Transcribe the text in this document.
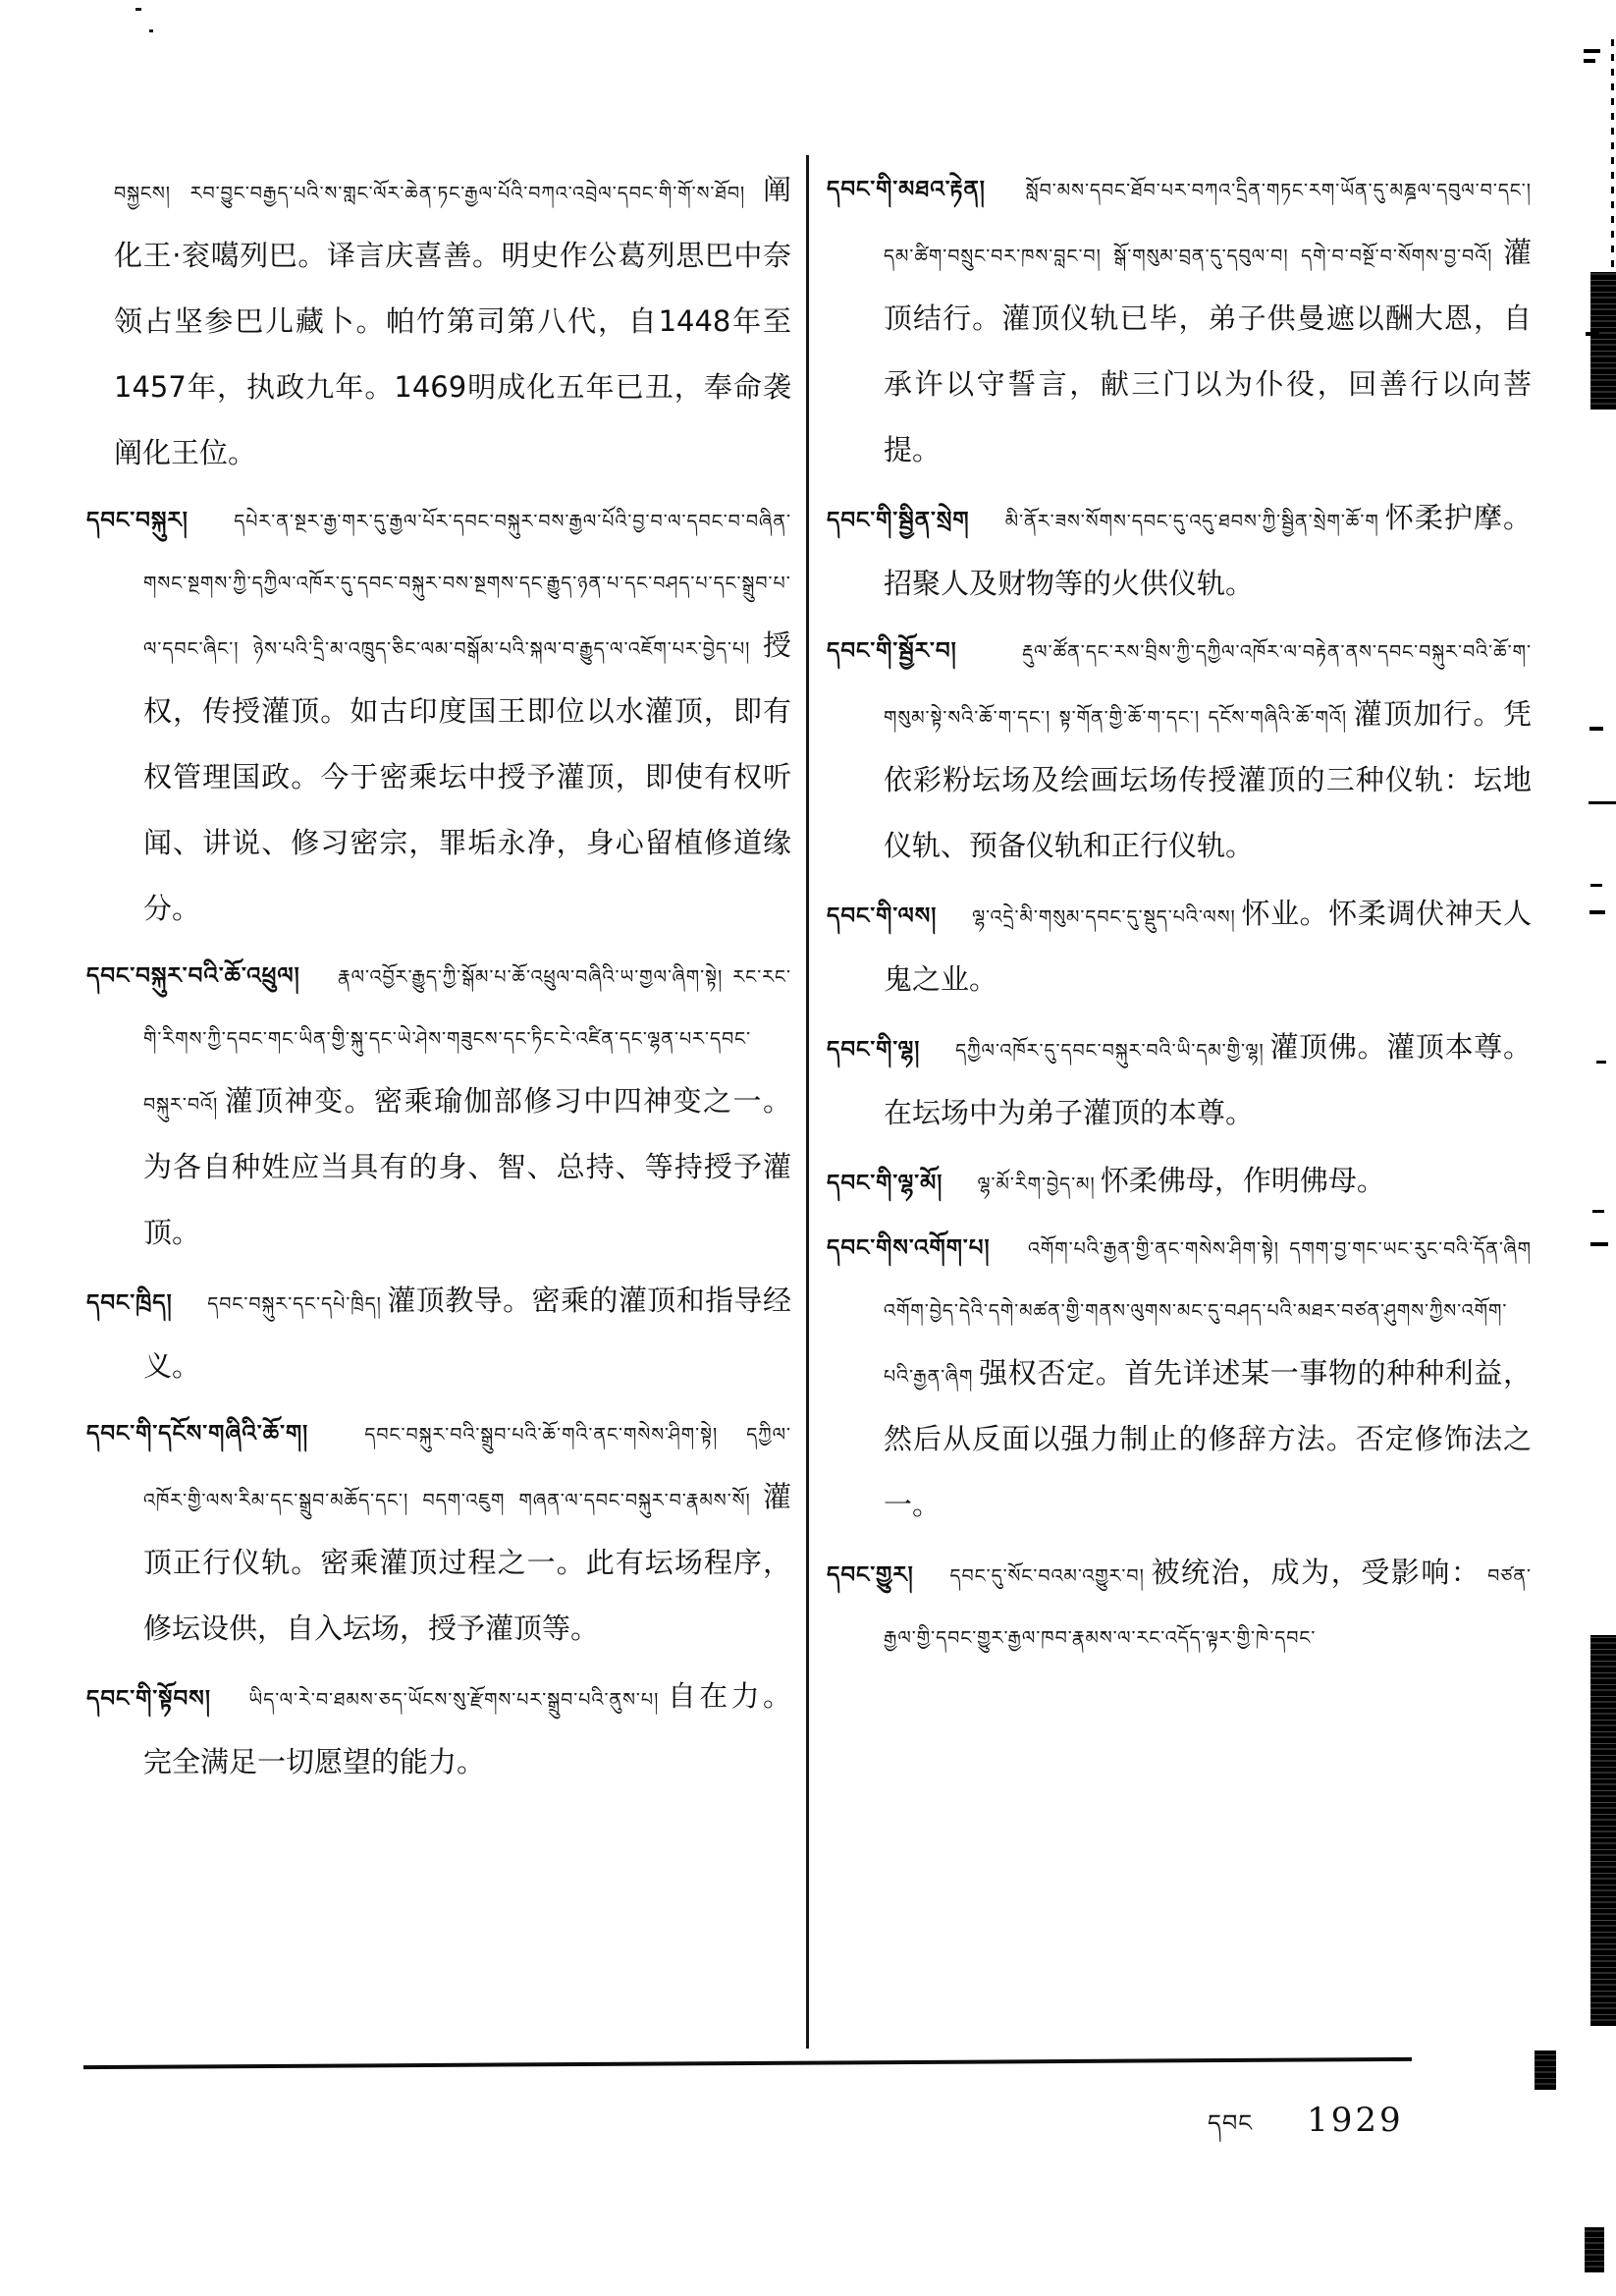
བསྐྱངས། རབ་བྱུང་བརྒྱད་པའི་ས་གླང་ལོར་ཆེན་ཏང་རྒྱལ་པོའི་བཀའ་འབྲེལ་དབང་གི་གོ་ས་ཐོབ། 阐化王·衮噶列巴。译言庆喜善。明史作公葛列思巴中奈领占坚参巴儿藏卜。帕竹第司第八代，自1448年至1457年，执政九年。1469明成化五年已丑，奉命袭阐化王位。
དབང་བསྐུར། དཔེར་ན་སྔར་རྒྱ་གར་དུ་རྒྱལ་པོར་དབང་བསྐུར་བས་རྒྱལ་པོའི་བྱ་བ་ལ་དབང་བ་བཞིན་གསང་སྔགས་ཀྱི་དཀྱིལ་འཁོར་དུ་དབང་བསྐུར་བས་སྔགས་དང་རྒྱུད་ཉན་པ་དང་བཤད་པ་དང་སྒྲུབ་པ་ལ་དབང་ཞིང་། ཉེས་པའི་དྲི་མ་འཁྲུད་ཅིང་ལམ་བསྒོམ་པའི་སྐལ་བ་རྒྱུད་ལ་འཇོག་པར་བྱེད་པ། 授权，传授灌顶。如古印度国王即位以水灌顶，即有权管理国政。今于密乘坛中授予灌顶，即使有权听闻、讲说、修习密宗，罪垢永净，身心留植修道缘分。
དབང་བསྐུར་བའི་ཆོ་འཕྲུལ། རྣལ་འབྱོར་རྒྱུད་ཀྱི་སྒོམ་པ་ཆོ་འཕྲུལ་བཞིའི་ཡ་གྱལ་ཞིག་སྟེ། རང་རང་གི་རིགས་ཀྱི་དབང་གང་ཡིན་གྱི་སྐུ་དང་ཡེ་ཤེས་གཟུངས་དང་ཏིང་ངེ་འཛིན་དང་ལྷན་པར་དབང་བསྐུར་བའོ། 灌顶神变。密乘瑜伽部修习中四神变之一。为各自种姓应当具有的身、智、总持、等持授予灌顶。
དབང་ཁྲིད། དབང་བསྐུར་དང་དཔེ་ཁྲིད། 灌顶教导。密乘的灌顶和指导经义。
དབང་གི་དངོས་གཞིའི་ཆོ་ག།	དབང་བསྐུར་བའི་སྒྲུབ་པའི་ཆོ་གའི་ནང་གསེས་ཤིག་སྟེ། དཀྱིལ་འཁོར་གྱི་ལས་རིམ་དང་སྒྲུབ་མཆོད་དང་། བདག་འཇུག གཞན་ལ་དབང་བསྐུར་བ་རྣམས་སོ། 灌顶正行仪轨。密乘灌顶过程之一。此有坛场程序，修坛设供，自入坛场，授予灌顶等。
དབང་གི་སྟོབས། ཡིད་ལ་རེ་བ་ཐམས་ཅད་ཡོངས་སུ་རྫོགས་པར་སྒྲུབ་པའི་ནུས་པ། 自在力。完全满足一切愿望的能力。
དབང་གི་མཐའ་རྟེན། སློབ་མས་དབང་ཐོབ་པར་བཀའ་དྲིན་གཏང་རག་ཡོན་དུ་མཎྜལ་དབུལ་བ་དང་། དམ་ཚིག་བསྲུང་བར་ཁས་བླང་བ། སྒོ་གསུམ་བྲན་དུ་དབུལ་བ། དགེ་བ་བསྔོ་བ་སོགས་བྱ་བའོ། 灌顶结行。灌顶仪轨已毕，弟子供曼遮以酬大恩，自承许以守誓言，献三门以为仆役，回善行以向菩提。
དབང་གི་སྦྱིན་སྲེག མི་ནོར་ཟས་སོགས་དབང་དུ་འདུ་ཐབས་ཀྱི་སྦྱིན་སྲེག་ཆོ་ག 怀柔护摩。招聚人及财物等的火供仪轨。
དབང་གི་སྦྱོར་བ།	རྡུལ་ཚོན་དང་རས་བྲིས་ཀྱི་དཀྱིལ་འཁོར་ལ་བརྟེན་ནས་དབང་བསྐུར་བའི་ཆོ་ག་གསུམ་སྟེ་སའི་ཆོ་ག་དང་། སྟ་གོན་གྱི་ཆོ་ག་དང་། དངོས་གཞིའི་ཆོ་གའོ། 灌顶加行。凭依彩粉坛场及绘画坛场传授灌顶的三种仪轨：坛地仪轨、预备仪轨和正行仪轨。
དབང་གི་ལས། ལྷ་འདྲེ་མི་གསུམ་དབང་དུ་སྡུད་པའི་ལས། 怀业。怀柔调伏神天人鬼之业。
དབང་གི་ལྷ། དཀྱིལ་འཁོར་དུ་དབང་བསྐུར་བའི་ཡི་དམ་གྱི་ལྷ། 灌顶佛。灌顶本尊。在坛场中为弟子灌顶的本尊。
དབང་གི་ལྷ་མོ། ལྷ་མོ་རིག་བྱེད་མ། 怀柔佛母，作明佛母。
དབང་གིས་འགོག་པ། འགོག་པའི་རྒྱན་གྱི་ནང་གསེས་ཤིག་སྟེ། དགག་བྱ་གང་ཡང་རུང་བའི་དོན་ཞིག འགོག་བྱེད་དེའི་དགེ་མཚན་གྱི་གནས་ལུགས་མང་དུ་བཤད་པའི་མཐར་བཙན་ཤུགས་ཀྱིས་འགོག་པའི་རྒྱན་ཞིག 强权否定。首先详述某一事物的种种利益，然后从反面以强力制止的修辞方法。否定修饰法之一。
དབང་གྱུར། དབང་དུ་སོང་བའམ་འགྱུར་བ། 被统治，成为，受影响： བཙན་རྒྱལ་གྱི་དབང་གྱུར་རྒྱལ་ཁབ་རྣམས་ལ་རང་འདོད་ལྟར་གྱི་ཁེ་དབང་
དབང 1929
